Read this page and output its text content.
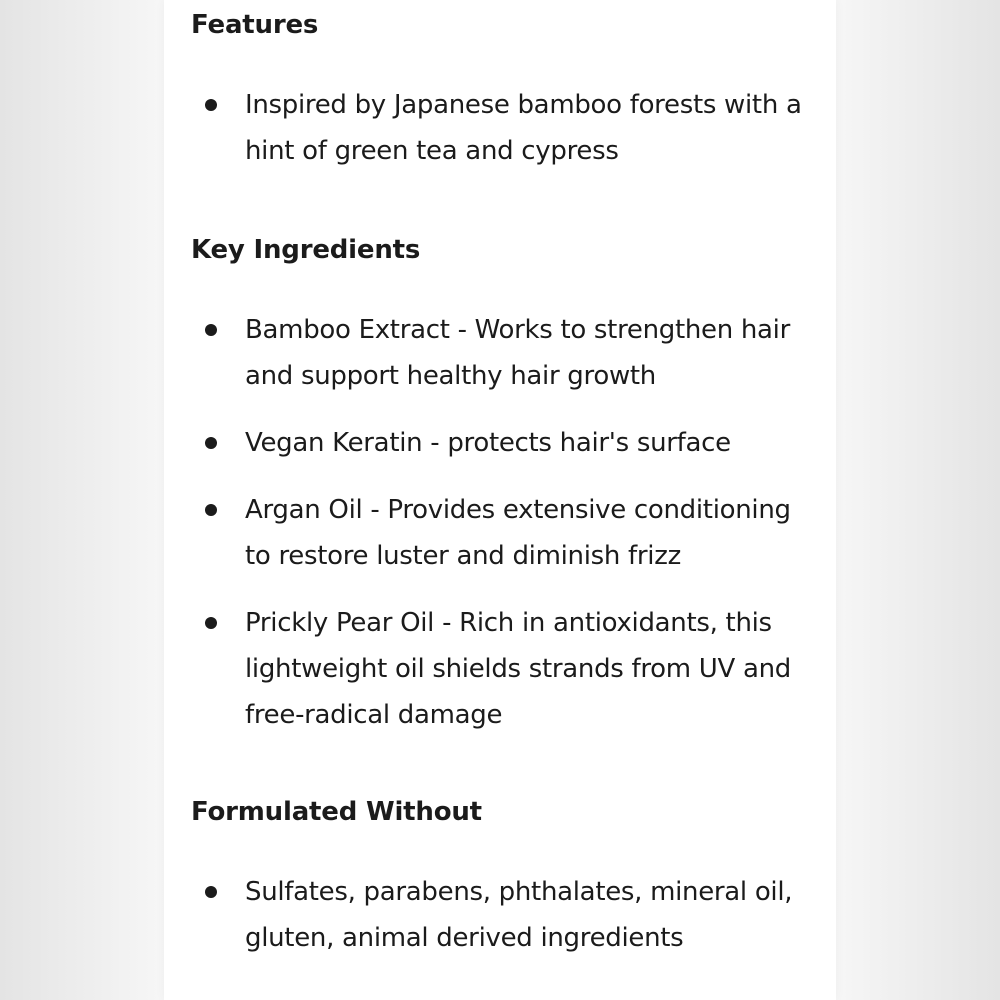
Features
Inspired by Japanese bamboo forests with a hint of green tea and cypress
Key Ingredients
Bamboo Extract - Works to strengthen hair and support healthy hair growth
Vegan Keratin - protects hair's surface
Argan Oil - Provides extensive conditioning to restore luster and diminish frizz
Prickly Pear Oil - Rich in antioxidants, this lightweight oil shields strands from UV and free-radical damage
Formulated Without
Sulfates, parabens, phthalates, mineral oil, gluten, animal derived ingredients
